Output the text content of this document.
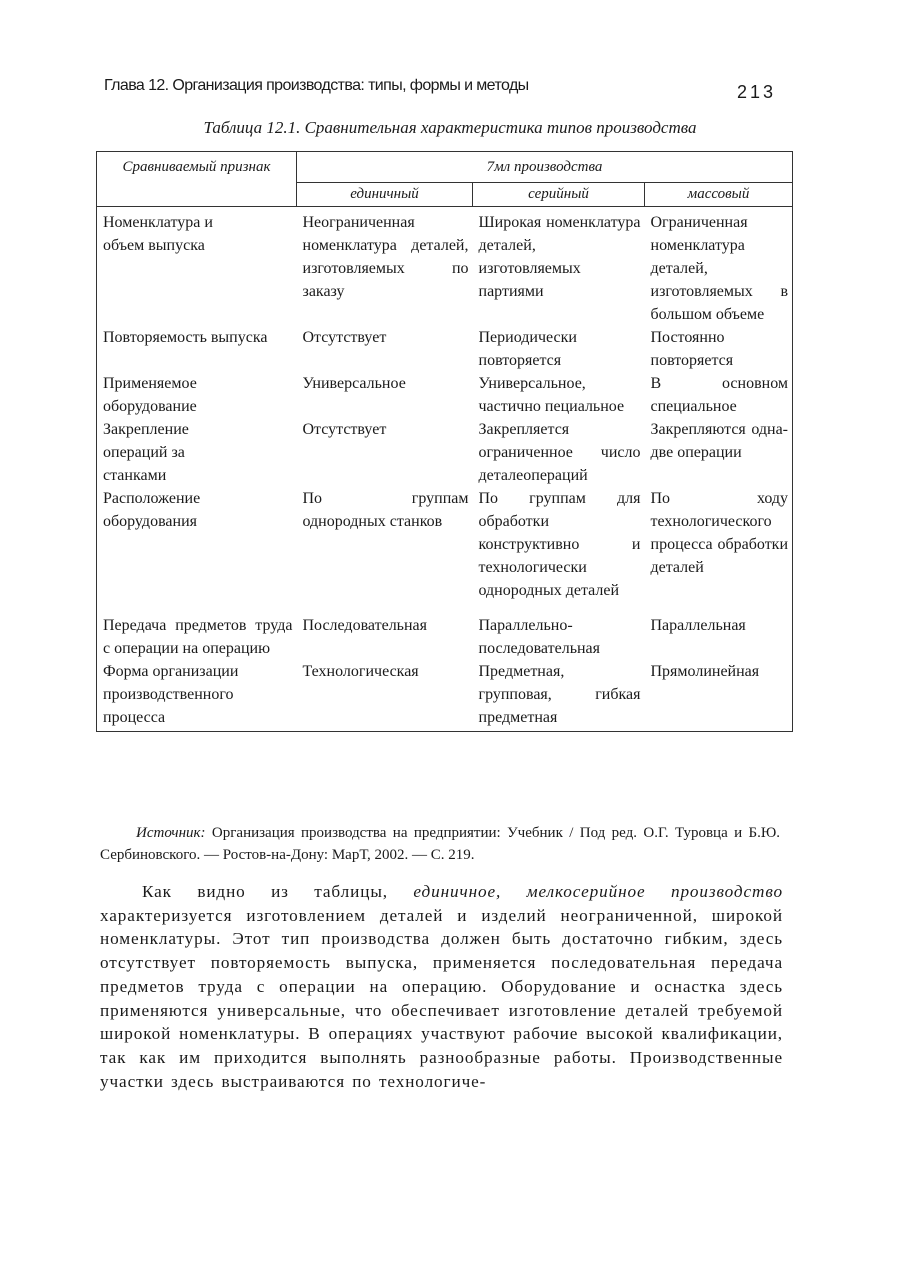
Глава 12. Организация производства: типы, формы и методы	213
Таблица 12.1. Сравнительная характеристика типов производства
Сравниваемый признак	7мл производства		
	единичный	серийный	массовый
Номенклатура и объем выпуска	Неограниченная номенклатура деталей, изготовляемых по заказу	Широкая номенклатура деталей, изготовляемых партиями	Ограниченная номенклатура деталей, изготовляемых в большом объеме
Повторяемость выпуска	Отсутствует	Периодически повторяется	Постоянно повторяется
Применяемое оборудование	Универсальное	Универсальное, частично пециальное	В основном специальное
Закрепление операций за станками	Отсутствует	Закрепляется ограниченное число деталеопераций	Закрепляются одна-две операции
Расположение оборудования	По группам однородных станков	По группам для обработки конструктивно и технологически однородных деталей	По ходу технологического процесса обработки деталей
Передача предметов труда с операции на операцию	Последовательная	Параллельно-последовательная	Параллельная
Форма организации производственного процесса	Технологическая	Предметная, групповая, гибкая предметная	Прямолинейная
Источник: Организация производства на предприятии: Учебник / Под ред. О.Г. Туровца и Б.Ю. Сербиновского. — Ростов-на-Дону: МарТ, 2002. — С. 219.
Как видно из таблицы, единичное, мелкосерийное производство характеризуется изготовлением деталей и изделий неограниченной, широкой номенклатуры. Этот тип производства должен быть достаточно гибким, здесь отсутствует повторяемость выпуска, применяется последовательная передача предметов труда с операции на операцию. Оборудование и оснастка здесь применяются универсальные, что обеспечивает изготовление деталей требуемой широкой номенклатуры. В операциях участвуют рабочие высокой квалификации, так как им приходится выполнять разнообразные работы. Производственные участки здесь выстраиваются по технологиче-
